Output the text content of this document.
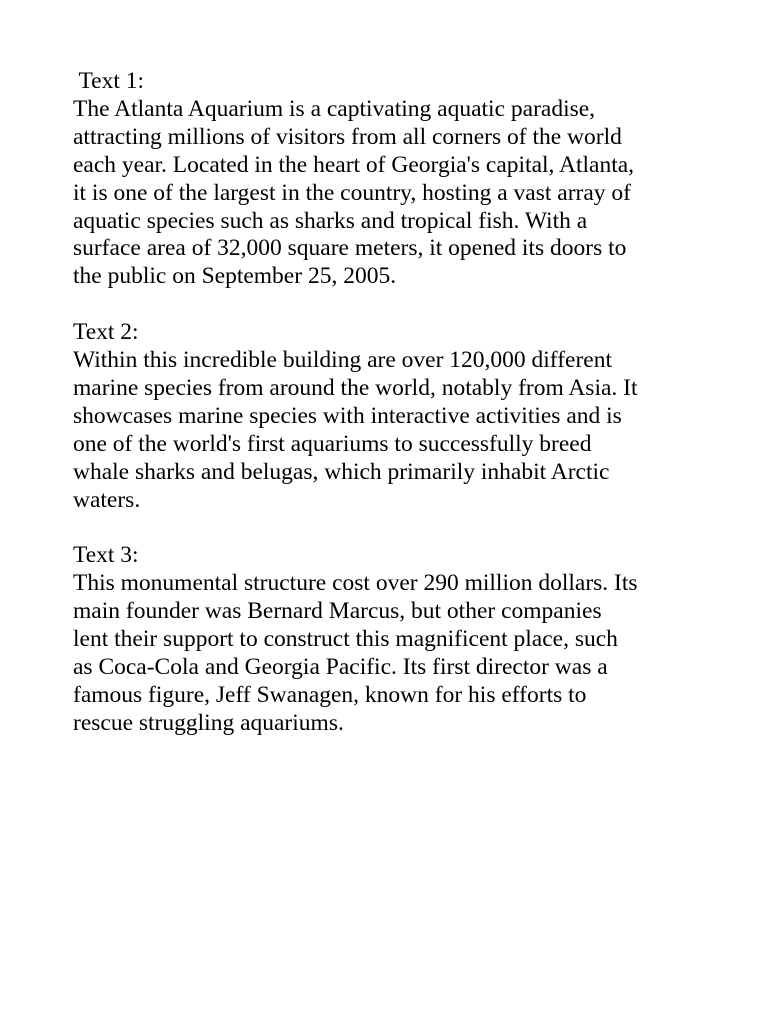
Text 1:
The Atlanta Aquarium is a captivating aquatic paradise,
attracting millions of visitors from all corners of the world
each year. Located in the heart of Georgia's capital, Atlanta,
it is one of the largest in the country, hosting a vast array of
aquatic species such as sharks and tropical fish. With a
surface area of 32,000 square meters, it opened its doors to
the public on September 25, 2005.
Text 2:
Within this incredible building are over 120,000 different
marine species from around the world, notably from Asia. It
showcases marine species with interactive activities and is
one of the world's first aquariums to successfully breed
whale sharks and belugas, which primarily inhabit Arctic
waters.
Text 3:
This monumental structure cost over 290 million dollars. Its
main founder was Bernard Marcus, but other companies
lent their support to construct this magnificent place, such
as Coca-Cola and Georgia Pacific. Its first director was a
famous figure, Jeff Swanagen, known for his efforts to
rescue struggling aquariums.
